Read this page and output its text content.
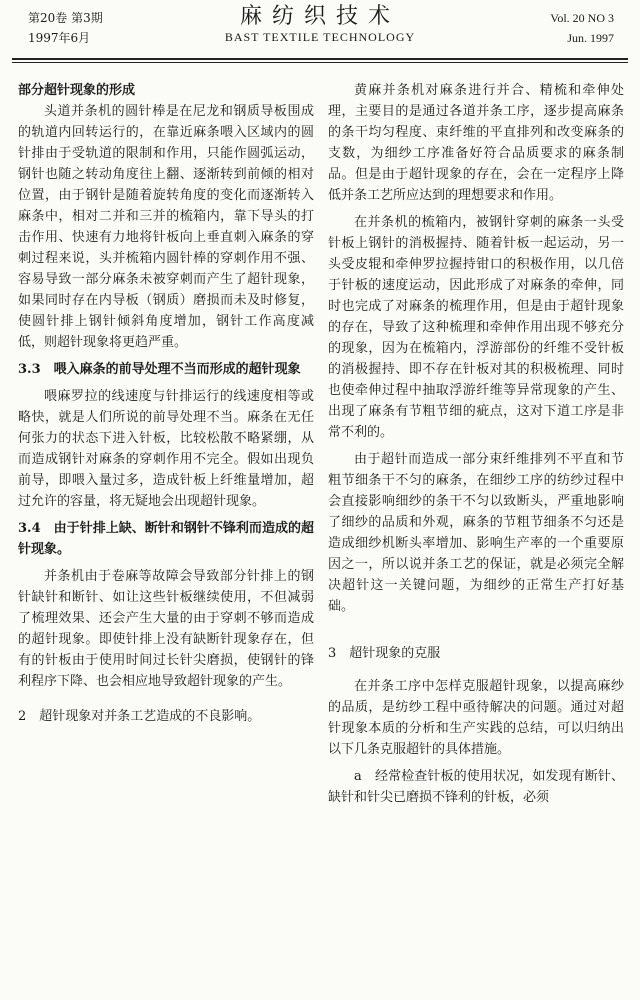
第20卷 第3期
1997年6月
麻纺织技术
BAST TEXTILE TECHNOLOGY
Vol. 20 NO 3
Jun. 1997

部分超针现象的形成

头道并条机的圆针棒是在尼龙和钢质导板围成的轨道内回转运行的，在靠近麻条喂入区域内的圆针排由于受轨道的限制和作用，只能作圆弧运动，钢针也随之转动角度往上翻、逐渐转到前倾的相对位置，由于钢针是随着旋转角度的变化而逐渐转入麻条中，相对二并和三并的梳箱内，靠下导头的打击作用、快速有力地将针板向上垂直刺入麻条的穿刺过程来说，头并梳箱内圆针棒的穿刺作用不强、容易导致一部分麻条未被穿刺而产生了超针现象，如果同时存在内导板（钢质）磨损而未及时修复，使圆针排上钢针倾斜角度增加，钢针工作高度减低，则超针现象将更趋严重。

3.3　喂入麻条的前导处理不当而形成的超针现象

喂麻罗拉的线速度与针排运行的线速度相等或略快，就是人们所说的前导处理不当。麻条在无任何张力的状态下进入针板，比较松散不略紧绷，从而造成钢针对麻条的穿刺作用不完全。假如出现负前导，即喂入量过多，造成针板上纤维量增加，超过允许的容量，将无疑地会出现超针现象。

3.4　由于针排上缺、断针和钢针不锋利而造成的超针现象。

并条机由于卷麻等故障会导致部分针排上的钢针缺针和断针、如让这些针板继续使用，不但减弱了梳理效果、还会产生大量的由于穿刺不够而造成的超针现象。即使针排上没有缺断针现象存在，但有的针板由于使用时间过长针尖磨损，使钢针的锋利程序下降、也会相应地导致超针现象的产生。

2　超针现象对并条工艺造成的不良影响。

黄麻并条机对麻条进行并合、精梳和牵伸处理，主要目的是通过各道并条工序，逐步提高麻条的条干均匀程度、束纤维的平直排列和改变麻条的支数，为细纱工序准备好符合品质要求的麻条制品。但是由于超针现象的存在，会在一定程序上降低并条工艺所应达到的理想要求和作用。

在并条机的梳箱内，被钢针穿刺的麻条一头受针板上钢针的消极握持、随着针板一起运动，另一头受皮辊和牵伸罗拉握持钳口的积极作用，以几倍于针板的速度运动，因此形成了对麻条的牵伸，同时也完成了对麻条的梳理作用，但是由于超针现象的存在，导致了这种梳理和牵伸作用出现不够充分的现象，因为在梳箱内，浮游部份的纤维不受针板的消极握持、即不存在针板对其的积极梳理、同时也使牵伸过程中抽取浮游纤维等异常现象的产生、出现了麻条有节粗节细的疵点，这对下道工序是非常不利的。

由于超针而造成一部分束纤维排列不平直和节粗节细条干不匀的麻条，在细纱工序的纺纱过程中会直接影响细纱的条干不匀以致断头，严重地影响了细纱的品质和外观，麻条的节粗节细条不匀还是造成细纱机断头率增加、影响生产率的一个重要原因之一，所以说并条工艺的保证，就是必须完全解决超针这一关键问题，为细纱的正常生产打好基础。

3　超针现象的克服

在并条工序中怎样克服超针现象，以提高麻纱的品质，是纺纱工程中亟待解决的问题。通过对超针现象本质的分析和生产实践的总结，可以归纳出以下几条克服超针的具体措施。

a　经常检查针板的使用状况，如发现有断针、缺针和针尖已磨损不锋利的针板，必须
